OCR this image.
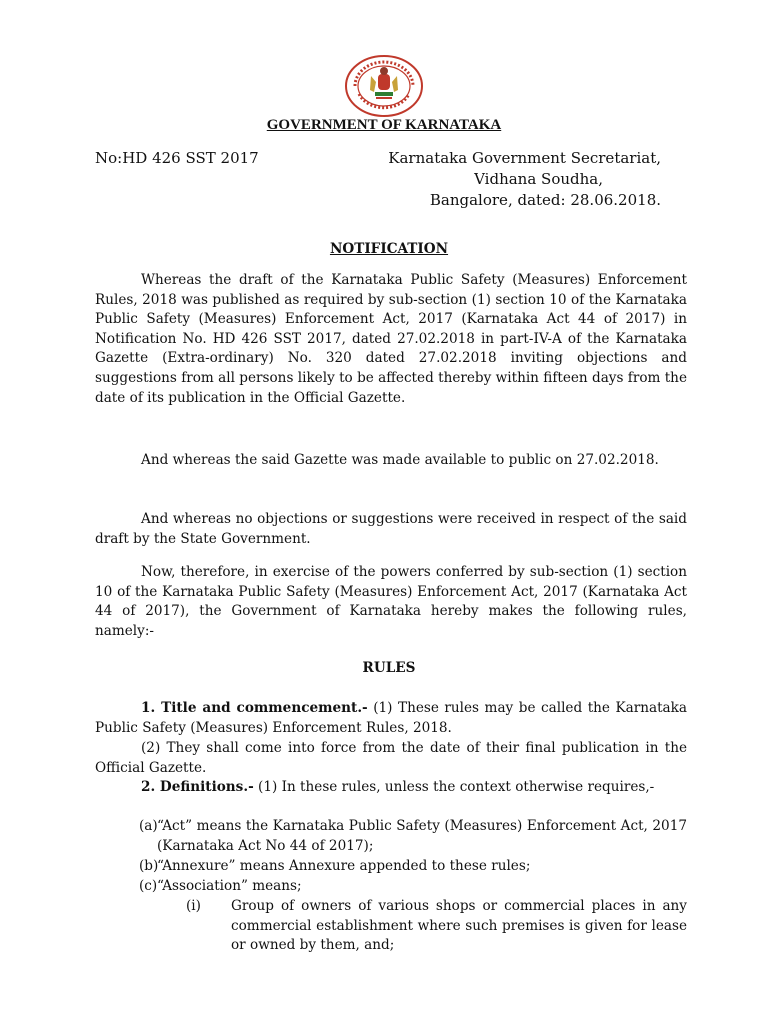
GOVERNMENT OF KARNATAKA
No:HD 426 SST 2017	Karnataka Government Secretariat,
Vidhana Soudha,
Bangalore, dated: 28.06.2018.
NOTIFICATION

Whereas the draft of the Karnataka Public Safety (Measures) Enforcement Rules, 2018 was published as required by sub-section (1) section 10 of the Karnataka Public Safety (Measures) Enforcement Act, 2017 (Karnataka Act 44 of 2017) in Notification No. HD 426 SST 2017, dated 27.02.2018 in part-IV-A of the Karnataka Gazette (Extra-ordinary) No. 320 dated 27.02.2018 inviting objections and suggestions from all persons likely to be affected thereby within fifteen days from the date of its publication in the Official Gazette.

And whereas the said Gazette was made available to public on 27.02.2018.

And whereas no objections or suggestions were received in respect of the said draft by the State Government.

Now, therefore, in exercise of the powers conferred by sub-section (1) section 10 of the Karnataka Public Safety (Measures) Enforcement Act, 2017 (Karnataka Act 44 of 2017), the Government of Karnataka hereby makes the following rules, namely:-

RULES

1. Title and commencement.- (1) These rules may be called the Karnataka Public Safety (Measures) Enforcement Rules, 2018.

(2) They shall come into force from the date of their final publication in the Official Gazette.

2. Definitions.- (1) In these rules, unless the context otherwise requires,-

(a) “Act” means the Karnataka Public Safety (Measures) Enforcement Act, 2017 (Karnataka Act No 44 of 2017);
(b)
“Annexure” means Annexure appended to these rules;
(c) “Association” means;
(i) Group of owners of various shops or commercial places in any commercial establishment where such premises is given for lease or owned by them, and;
